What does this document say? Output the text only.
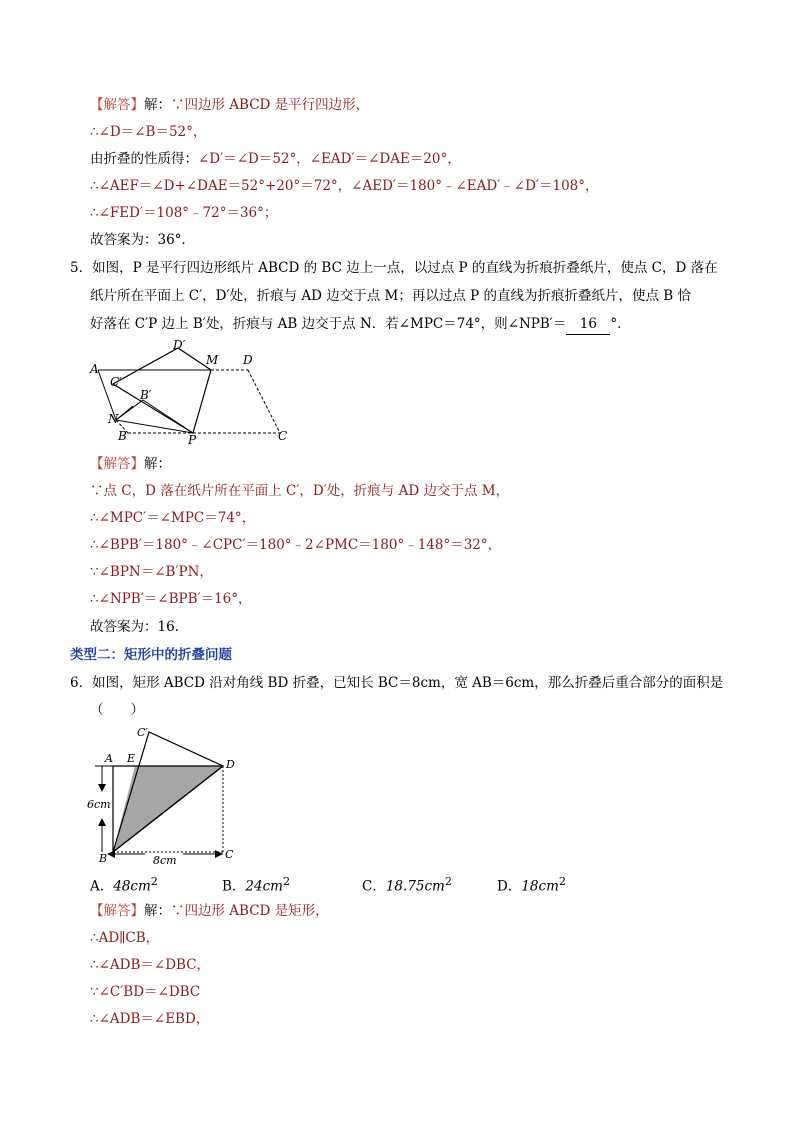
【解答】解：∵四边形 ABCD 是平行四边形，
∴∠D＝∠B＝52°，
由折叠的性质得：∠D′＝∠D＝52°，∠EAD′＝∠DAE＝20°，
∴∠AEF＝∠D+∠DAE＝52°+20°＝72°，∠AED′＝180°﹣∠EAD′﹣∠D′＝108°，
∴∠FED′＝108°﹣72°＝36°；
故答案为：36°.
5．如图，P 是平行四边形纸片 ABCD 的 BC 边上一点，以过点 P 的直线为折痕折叠纸片，使点 C，D 落在
纸片所在平面上 C′，D′处，折痕与 AD 边交于点 M；再以过点 P 的直线为折痕折叠纸片，使点 B 恰
好落在 C′P 边上 B′处，折痕与 AB 边交于点 N．若∠MPC＝74°，则∠NPB′＝ 16 °．
A
D′
M D
C′
B′
N
B	P	C
【解答】解：
∵点 C，D 落在纸片所在平面上 C′，D′处，折痕与 AD 边交于点 M，
∴∠MPC′＝∠MPC＝74°，
∴∠BPB′＝180°﹣∠CPC′＝180°﹣2∠PMC＝180°﹣148°＝32°，
∵∠BPN＝∠B′PN，
∴∠NPB′＝∠BPB′＝16°，
故答案为：16.
类型二：矩形中的折叠问题
6．如图，矩形 ABCD 沿对角线 BD 折叠，已知长 BC＝8cm，宽 AB＝6cm，那么折叠后重合部分的面积是
（　　）
A E
C′
D
B	C
6cm
8cm
A．$48cm^2$	B．$24cm^2$	C．$18.75cm^2$	D．$18cm^2$
【解答】解：∵四边形 ABCD 是矩形，
∴AD∥CB，
∴∠ADB＝∠DBC，
∵∠C′BD＝∠DBC
∴∠ADB＝∠EBD，
